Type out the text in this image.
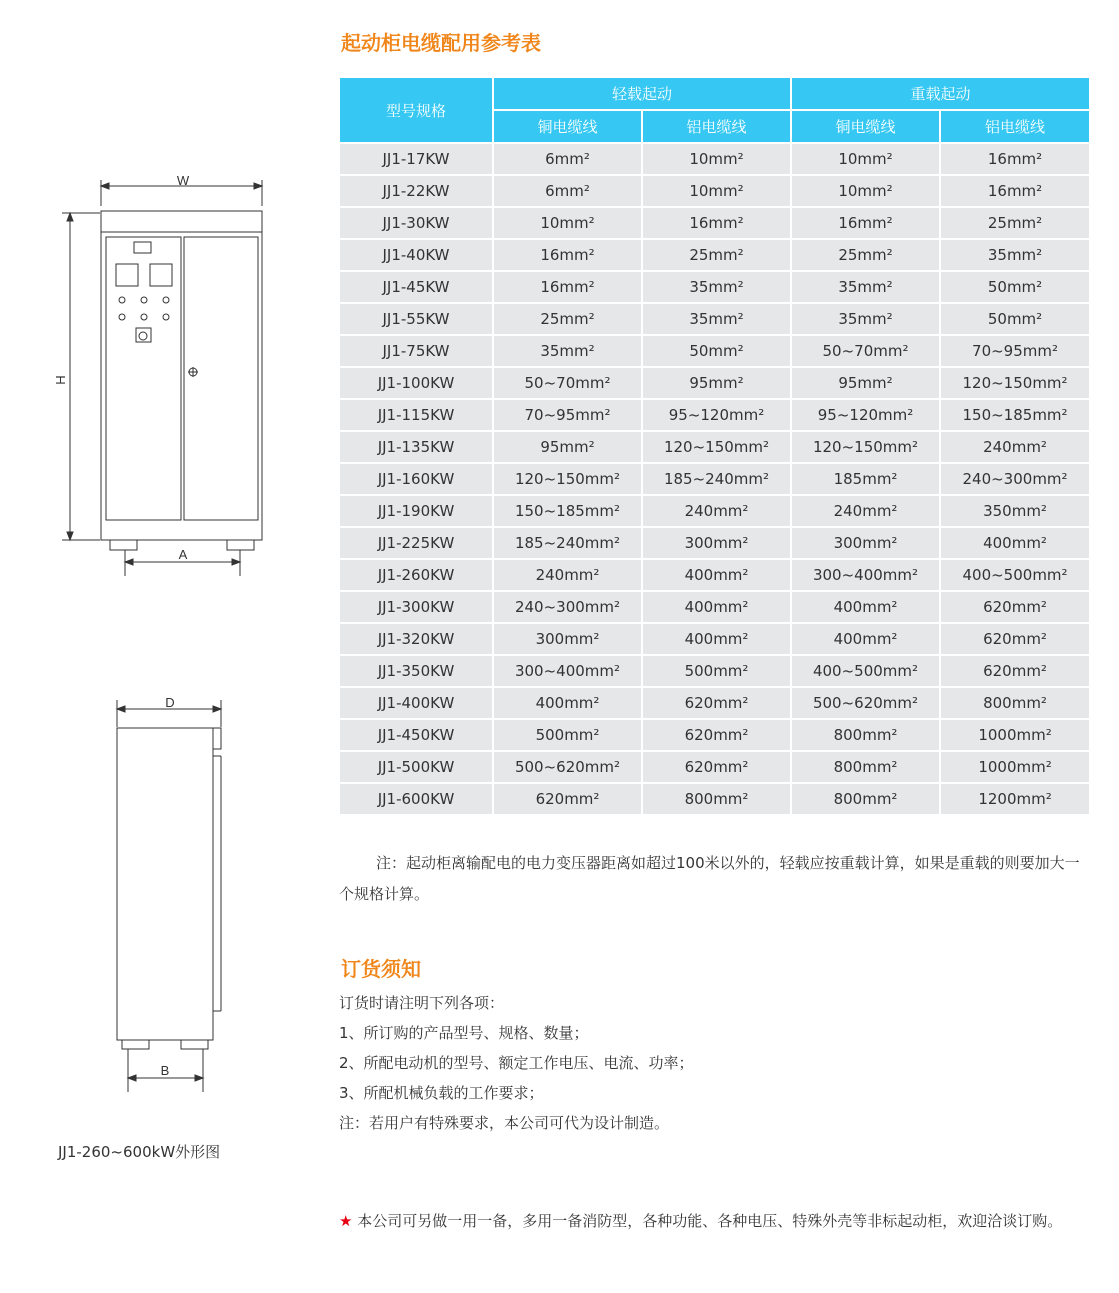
起动柜电缆配用参考表
型号规格	轻载起动		重载起动	
	铜电缆线	铝电缆线	铜电缆线	铝电缆线
JJ1-17KW	6mm²	10mm²	10mm²	16mm²
JJ1-22KW	6mm²	10mm²	10mm²	16mm²
JJ1-30KW	10mm²	16mm²	16mm²	25mm²
JJ1-40KW	16mm²	25mm²	25mm²	35mm²
JJ1-45KW	16mm²	35mm²	35mm²	50mm²
JJ1-55KW	25mm²	35mm²	35mm²	50mm²
JJ1-75KW	35mm²	50mm²	50~70mm²	70~95mm²
JJ1-100KW	50~70mm²	95mm²	95mm²	120~150mm²
JJ1-115KW	70~95mm²	95~120mm²	95~120mm²	150~185mm²
JJ1-135KW	95mm²	120~150mm²	120~150mm²	240mm²
JJ1-160KW	120~150mm²	185~240mm²	185mm²	240~300mm²
JJ1-190KW	150~185mm²	240mm²	240mm²	350mm²
JJ1-225KW	185~240mm²	300mm²	300mm²	400mm²
JJ1-260KW	240mm²	400mm²	300~400mm²	400~500mm²
JJ1-300KW	240~300mm²	400mm²	400mm²	620mm²
JJ1-320KW	300mm²	400mm²	400mm²	620mm²
JJ1-350KW	300~400mm²	500mm²	400~500mm²	620mm²
JJ1-400KW	400mm²	620mm²	500~620mm²	800mm²
JJ1-450KW	500mm²	620mm²	800mm²	1000mm²
JJ1-500KW	500~620mm²	620mm²	800mm²	1000mm²
JJ1-600KW	620mm²	800mm²	800mm²	1200mm²
注：起动柜离输配电的电力变压器距离如超过100米以外的，轻载应按重载计算，如果是重载的则要加大一个规格计算。
订货须知
订货时请注明下列各项：
1、所订购的产品型号、规格、数量；
2、所配电动机的型号、额定工作电压、电流、功率；
3、所配机械负载的工作要求；
注：若用户有特殊要求，本公司可代为设计制造。
★ 本公司可另做一用一备，多用一备消防型，各种功能、各种电压、特殊外壳等非标起动柜，欢迎洽谈订购。
W
H
A
D
B
JJ1-260~600kW外形图
